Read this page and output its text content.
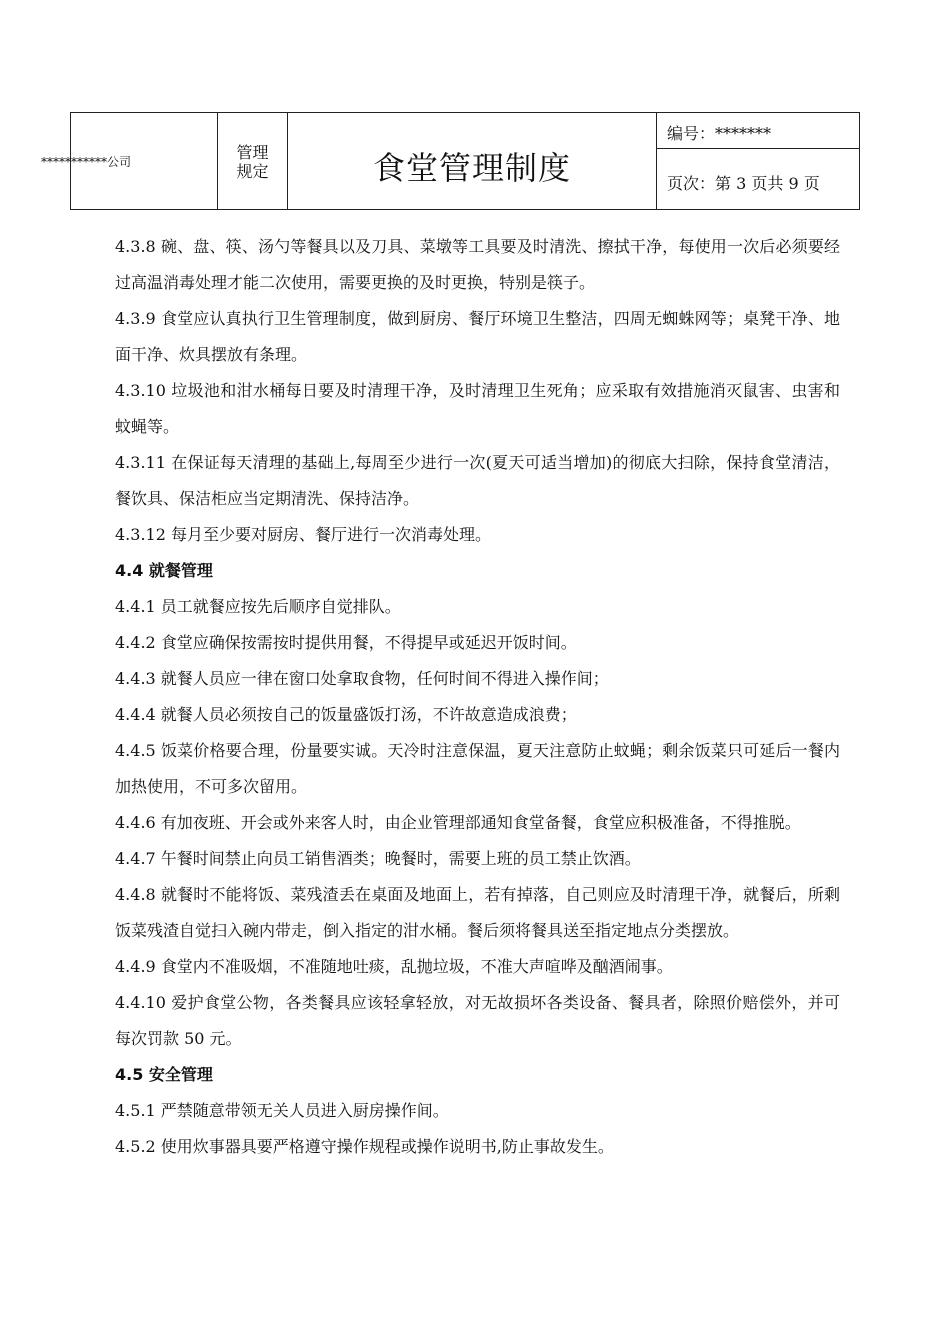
***********公司	管理
规定	食堂管理制度
编号：*******
页次：第 3 页共 9 页

4.3.8 碗、盘、筷、汤勺等餐具以及刀具、菜墩等工具要及时清洗、擦拭干净，每使用一次后必须要经过高温消毒处理才能二次使用，需要更换的及时更换，特别是筷子。

4.3.9 食堂应认真执行卫生管理制度，做到厨房、餐厅环境卫生整洁，四周无蜘蛛网等；桌凳干净、地面干净、炊具摆放有条理。

4.3.10 垃圾池和泔水桶每日要及时清理干净，及时清理卫生死角；应采取有效措施消灭鼠害、虫害和蚊蝇等。

4.3.11 在保证每天清理的基础上,每周至少进行一次(夏天可适当增加)的彻底大扫除，保持食堂清洁，餐饮具、保洁柜应当定期清洗、保持洁净。

4.3.12 每月至少要对厨房、餐厅进行一次消毒处理。

4.4 就餐管理

4.4.1 员工就餐应按先后顺序自觉排队。

4.4.2 食堂应确保按需按时提供用餐，不得提早或延迟开饭时间。

4.4.3 就餐人员应一律在窗口处拿取食物，任何时间不得进入操作间；

4.4.4 就餐人员必须按自己的饭量盛饭打汤，不许故意造成浪费；

4.4.5 饭菜价格要合理，份量要实诚。天冷时注意保温，夏天注意防止蚊蝇；剩余饭菜只可延后一餐内加热使用，不可多次留用。

4.4.6 有加夜班、开会或外来客人时，由企业管理部通知食堂备餐，食堂应积极准备，不得推脱。

4.4.7 午餐时间禁止向员工销售酒类；晚餐时，需要上班的员工禁止饮酒。

4.4.8 就餐时不能将饭、菜残渣丢在桌面及地面上，若有掉落，自己则应及时清理干净，就餐后，所剩饭菜残渣自觉扫入碗内带走，倒入指定的泔水桶。餐后须将餐具送至指定地点分类摆放。

4.4.9 食堂内不准吸烟，不准随地吐痰，乱抛垃圾，不准大声喧哗及酗酒闹事。

4.4.10 爱护食堂公物，各类餐具应该轻拿轻放，对无故损坏各类设备、餐具者，除照价赔偿外，并可每次罚款 50 元。

4.5 安全管理

4.5.1 严禁随意带领无关人员进入厨房操作间。

4.5.2 使用炊事器具要严格遵守操作规程或操作说明书,防止事故发生。
